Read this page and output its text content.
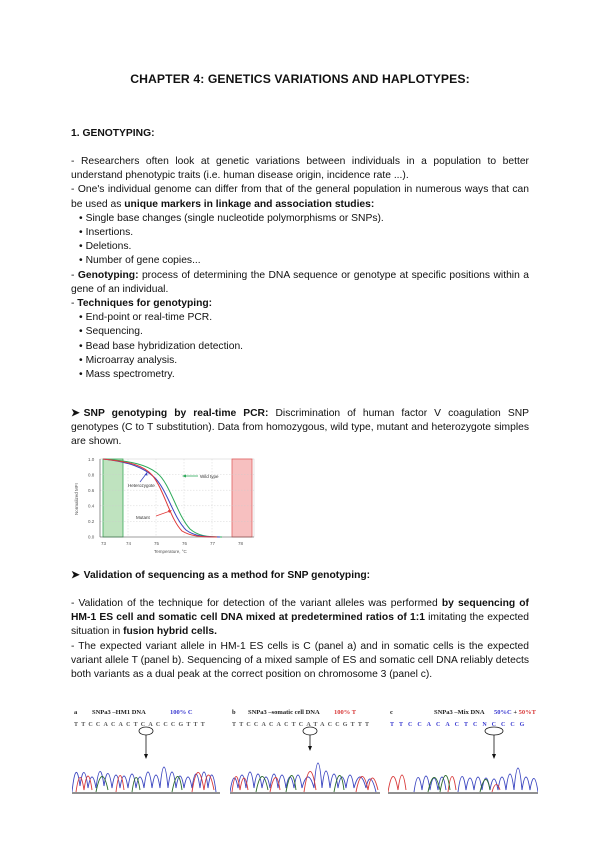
CHAPTER 4: GENETICS VARIATIONS AND HAPLOTYPES:
1. GENOTYPING:

- Researchers often look at genetic variations between individuals in a population to better understand phenotypic traits (i.e. human disease origin, incidence rate ...).

- One's individual genome can differ from that of the general population in numerous ways that can be used as unique markers in linkage and association studies:

• Single base changes (single nucleotide polymorphisms or SNPs).
• Insertions.
• Deletions.
• Number of gene copies...

- Genotyping: process of determining the DNA sequence or genotype at specific positions within a gene of an individual.

- Techniques for genotyping:

• End-point or real-time PCR.
• Sequencing.
• Bead base hybridization detection.
• Microarray analysis.
• Mass spectrometry.
➤ SNP genotyping by real-time PCR: Discrimination of human factor V coagulation SNP genotypes (C to T substitution). Data from homozygous, wild type, mutant and heterozygote simples are shown.
1.0
0.8
0.6
0.4
0.2
0.0
73	74	75	76	77	78
Temperature, °C
Normalized MFI
Wild type
Heterozygote
Mutant
➤ Validation of sequencing as a method for SNP genotyping:

- Validation of the technique for detection of the variant alleles was performed by sequencing of HM-1 ES cell and somatic cell DNA mixed at predetermined ratios of 1:1 imitating the expected situation in fusion hybrid cells.

- The expected variant allele in HM-1 ES cells is C (panel a) and in somatic cells is the expected variant allele T (panel b). Sequencing of a mixed sample of ES and somatic cell DNA reliably detects both variants as a dual peak at the correct position on chromosome 3 (panel c).

a SNPa3 –HM1 DNA	100% C
TTCCACACTCACCCGTTT
b SNPa3 –somatic cell DNA 100% T
TTCCACACTCATACCGTTT
c	SNPa3 –Mix DNA 50%C + 50%T
TTCCACACTCNCCCG
